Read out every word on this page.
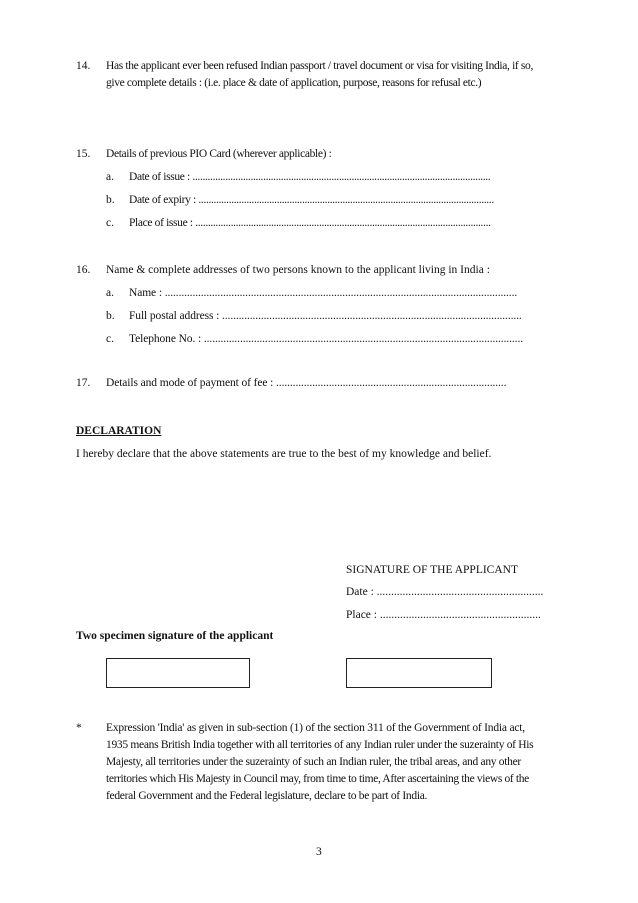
14. Has the applicant ever been refused Indian passport / travel document or visa for visiting India, if so,
give complete details : (i.e. place & date of application, purpose, reasons for refusal etc.)
15. Details of previous PIO Card (wherever applicable) :
a. Date of issue : ......................................................................................................................
b. Date of expiry : .....................................................................................................................
c. Place of issue : .....................................................................................................................
16. Name & complete addresses of two persons known to the applicant living in India :
a. Name : ...............................................................................................................................
b. Full postal address : ............................................................................................................
c. Telephone No. : ...................................................................................................................
17. Details and mode of payment of fee : ...................................................................................
DECLARATION
I hereby declare that the above statements are true to the best of my knowledge and belief.
SIGNATURE OF THE APPLICANT
Date : ..........................................................
Place : ........................................................
Two specimen signature of the applicant
* Expression 'India' as given in sub-section (1) of the section 311 of the Government of India act,
1935 means British India together with all territories of any Indian ruler under the suzerainty of His
Majesty, all territories under the suzerainty of such an Indian ruler, the tribal areas, and any other
territories which His Majesty in Council may, from time to time, After ascertaining the views of the
federal Government and the Federal legislature, declare to be part of India.
3
